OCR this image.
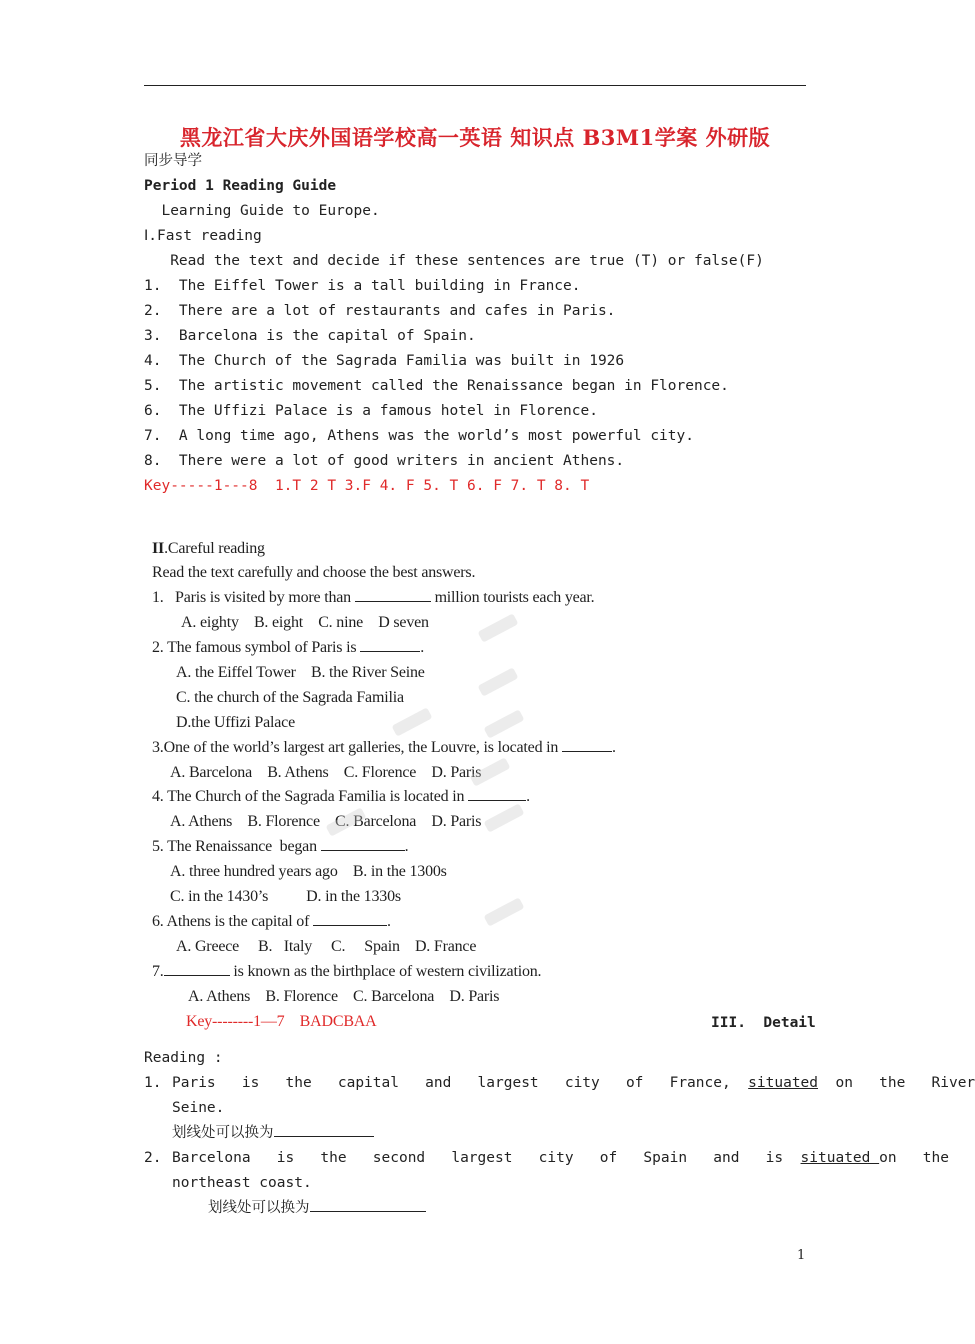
黑龙江省大庆外国语学校高一英语 知识点 B3M1学案 外研版
同步导学
Period 1 Reading Guide
Learning Guide to Europe.
Ⅰ.Fast reading
Read the text and decide if these sentences are true (T) or false(F)
1.  The Eiffel Tower is a tall building in France.
2.  There are a lot of restaurants and cafes in Paris.
3.  Barcelona is the capital of Spain.
4.  The Church of the Sagrada Familia was built in 1926
5.  The artistic movement called the Renaissance began in Florence.
6.  The Uffizi Palace is a famous hotel in Florence.
7.  A long time ago, Athens was the world’s most powerful city.
8.  There were a lot of good writers in ancient Athens.
Key-----1---8  1.T 2 T 3.F 4. F 5. T 6. F 7. T 8. T
II.Careful reading
Read the text carefully and choose the best answers.
1.   Paris is visited by more than	million tourists each year.
A. eighty    B. eight    C. nine    D seven
2. The famous symbol of Paris is	.
A. the Eiffel Tower    B. the River Seine
C. the church of the Sagrada Familia
D.the Uffizi Palace
3.One of the world’s largest art galleries, the Louvre, is located in	.
A. Barcelona    B. Athens    C. Florence    D. Paris
4. The Church of the Sagrada Familia is located in	.
A. Athens    B. Florence    C. Barcelona    D. Paris
5. The Renaissance  began	.
A. three hundred years ago    B. in the 1300s
C. in the 1430’s          D. in the 1330s
6. Athens is the capital of	.
A. Greece     B.   Italy     C.     Spain    D. France
7.	is known as the birthplace of western civilization.
A. Athens    B. Florence    C. Barcelona    D. Paris
Key--------1—7    BADCBAA	III.  Detail
Reading :
1. Paris   is   the   capital   and   largest   city   of   France,  situated  on   the   River
Seine.
划线处可以换为
2. Barcelona   is   the   second   largest   city   of   Spain   and   is  situated on   the
northeast coast.
划线处可以换为
1
